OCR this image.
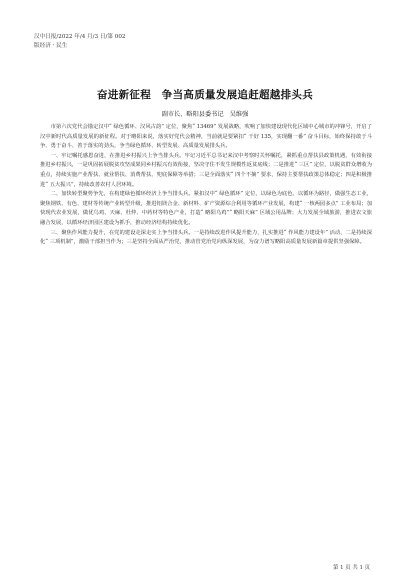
汉中日报/2022 年/4 月/3 日/第 002
版经济 · 民生
奋进新征程　争当高质量发展追赶超越排头兵
副市长、略阳县委书记　吴维强

市第六次党代会锚定汉中“ 绿色循环、汉风古韵” 定位，聚焦“ 13469” 发展战略，吹响了加快建设现代化区域中心城市的冲锋号，开启了汉中新时代高质量发展的新征程。对于略阳来说，落实好党代会精神，当前就是要紧扣“ 干好 135，实现翻一番” 奋斗目标，始终保持敢于斗争、勇于奋斗、善于落实的劲头，争当绿色循环、转型发展、高质量发展排头兵。

一、牢记嘱托感恩奋进，在推进乡村振兴上争当排头兵。牢记习近平总书记来汉中考察时关怀嘱托，紧抓重点帮扶县政策机遇，有效衔接推进乡村振兴，一是巩固拓展脱贫攻坚成果同乡村振兴有效衔接，坚决守住不发生规模性返贫底线；二是推进“ 三区” 定位，以脱贫群众增收为重点，持续实施产业帮扶、就业帮扶、消费帮扶、兜底保障等举措；三是全面落实“ 四个不摘” 要求，保持主要帮扶政策总体稳定；四是积极推进“ 五大振兴”，持续改善农村人居环境。

二、加快转型聚势争先，在构建绿色循环经济上争当排头兵。紧扣汉中“ 绿色循环” 定位，以绿色为底色、以循环为路径，做强生态工业，聚焦钢铁、有色、建材等传统产业转型升级，推进铝镁合金、新材料、矿产资源综合利用等循环产业发展，构建“ 一核两园多点” 工业布局；加快现代农业发展，做优乌鸡、天麻、杜仲、中药材等特色产业，打造“ 略阳乌鸡”“ 略阳天麻” 区域公用品牌；大力发展全域旅游，推进农文旅融合发展，以循环经济园区建设为抓手，推动经济结构持续优化。

三、聚焦作风能力提升，在党的建设走深走实上争当排头兵。一是持续改进作风提升能力，扎实推进“ 作风能力建设年” 活动，二是持续深化“ 三项机制”，激励干部担当作为；三是坚持全面从严治党，推动管党治党向纵深发展，为奋力谱写略阳高质量发展新篇章提供坚强保障。

第 1 页 共 1 页
